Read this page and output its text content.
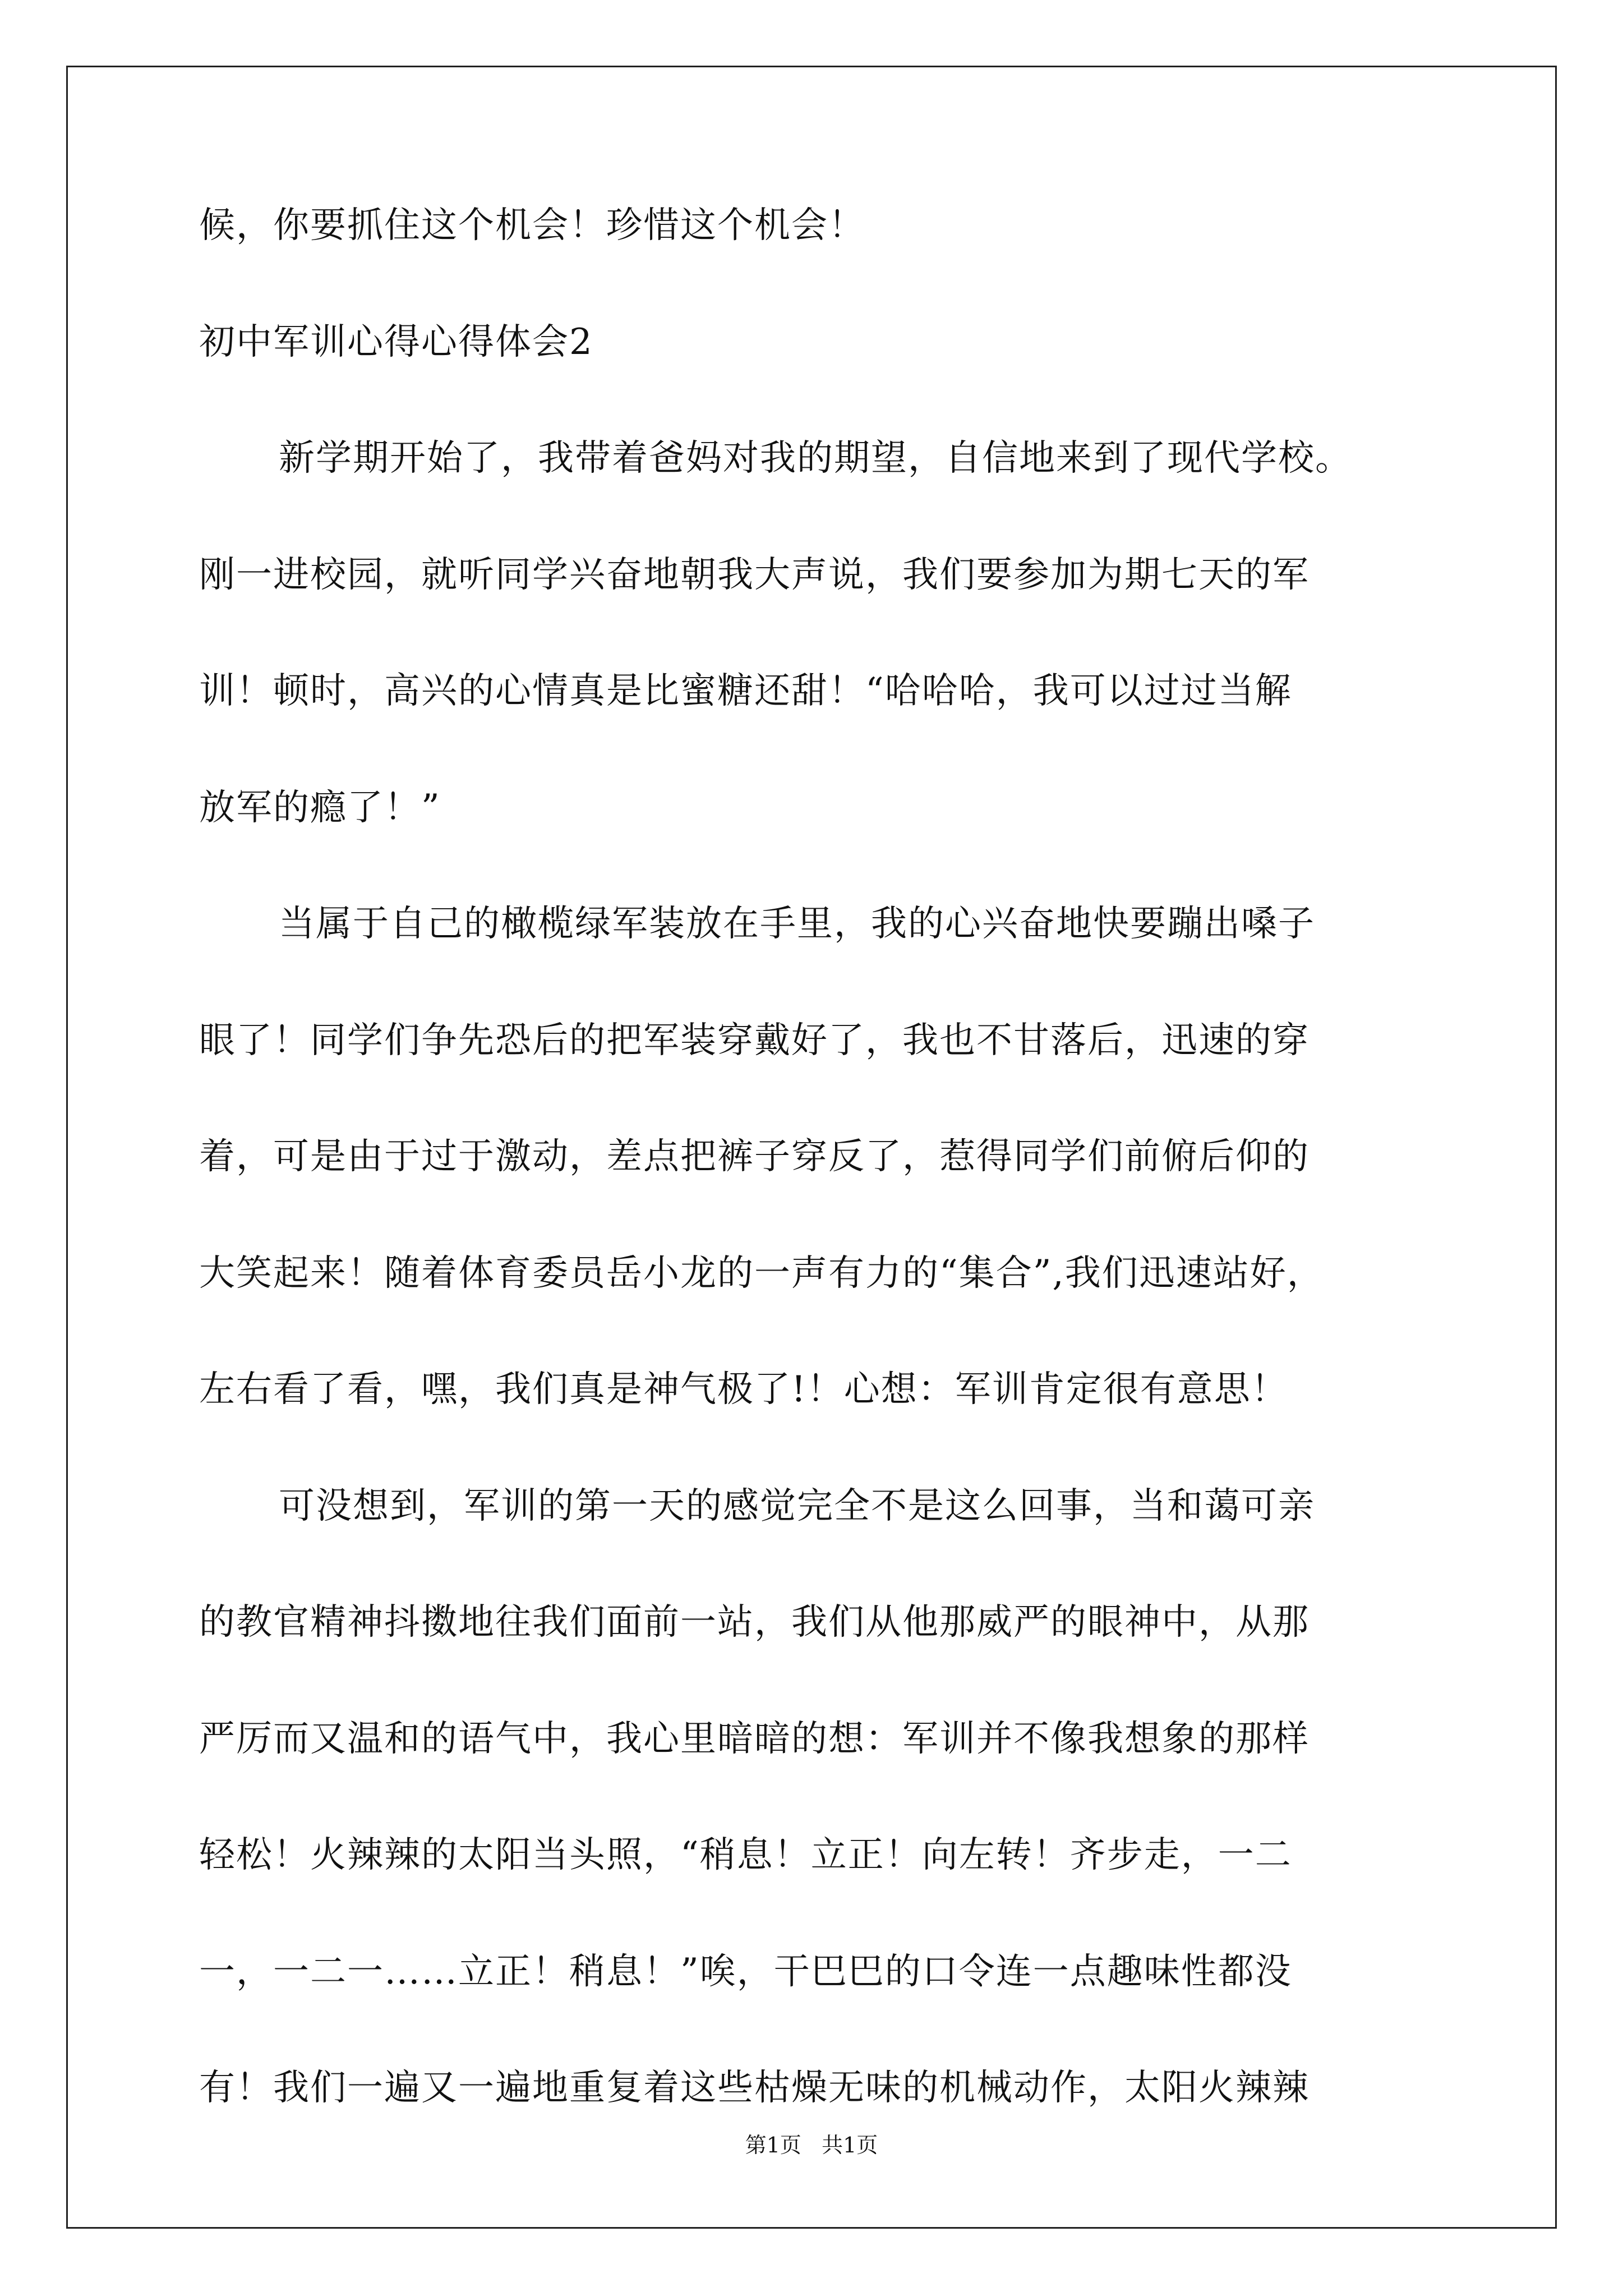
候，你要抓住这个机会！珍惜这个机会！
初中军训心得心得体会2
新学期开始了，我带着爸妈对我的期望，自信地来到了现代学校。
刚一进校园，就听同学兴奋地朝我大声说，我们要参加为期七天的军
训！顿时，高兴的心情真是比蜜糖还甜！“哈哈哈，我可以过过当解
放军的瘾了！”
当属于自己的橄榄绿军装放在手里，我的心兴奋地快要蹦出嗓子
眼了！同学们争先恐后的把军装穿戴好了，我也不甘落后，迅速的穿
着，可是由于过于激动，差点把裤子穿反了，惹得同学们前俯后仰的
大笑起来！随着体育委员岳小龙的一声有力的“集合”,我们迅速站好，
左右看了看，嘿，我们真是神气极了!！心想：军训肯定很有意思！
可没想到，军训的第一天的感觉完全不是这么回事，当和蔼可亲
的教官精神抖擞地往我们面前一站，我们从他那威严的眼神中，从那
严厉而又温和的语气中，我心里暗暗的想：军训并不像我想象的那样
轻松！火辣辣的太阳当头照，“稍息！立正！向左转！齐步走，一二
一，一二一……立正！稍息！”唉，干巴巴的口令连一点趣味性都没
有！我们一遍又一遍地重复着这些枯燥无味的机械动作，太阳火辣辣
第1页 共1页
